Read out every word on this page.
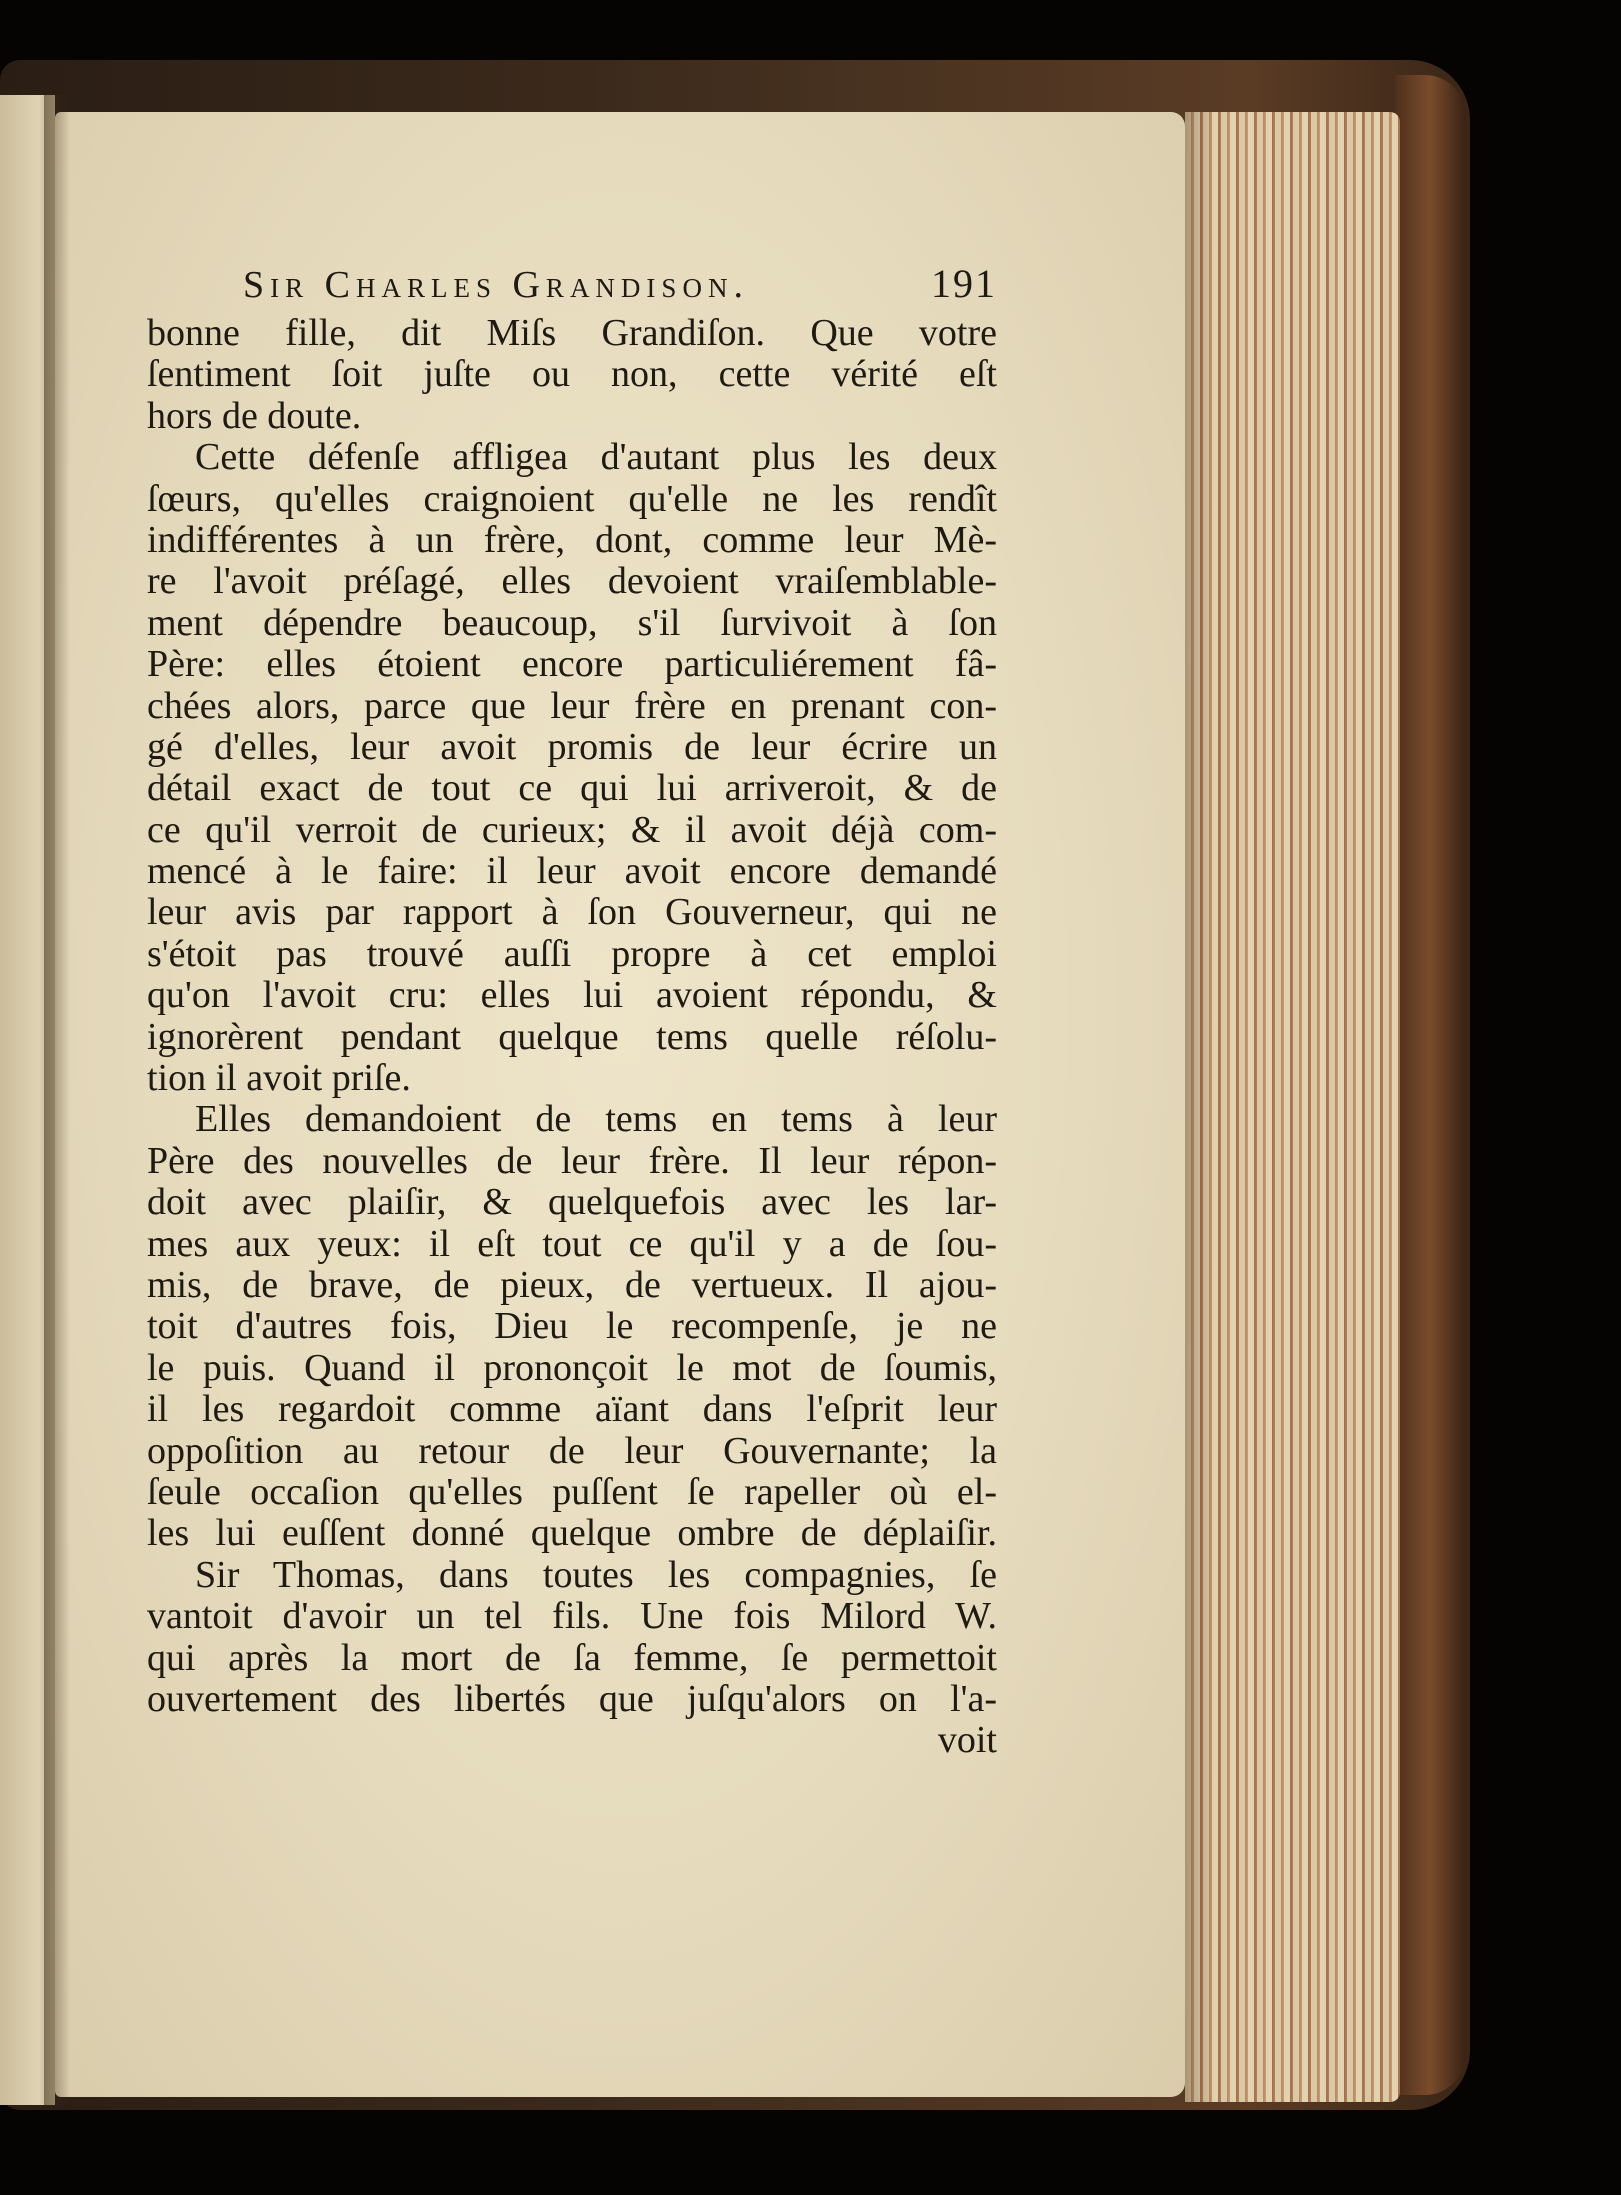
Sir Charles Grandison.	191
bonne fille, dit Miſs Grandiſon. Que votre
ſentiment ſoit juſte ou non, cette vérité eſt
hors de doute.
Cette défenſe affligea d'autant plus les deux
ſœurs, qu'elles craignoient qu'elle ne les rendît
indifférentes à un frère, dont, comme leur Mè-
re l'avoit préſagé, elles devoient vraiſemblable-
ment dépendre beaucoup, s'il ſurvivoit à ſon
Père: elles étoient encore particuliérement fâ-
chées alors, parce que leur frère en prenant con-
gé d'elles, leur avoit promis de leur écrire un
détail exact de tout ce qui lui arriveroit, & de
ce qu'il verroit de curieux; & il avoit déjà com-
mencé à le faire: il leur avoit encore demandé
leur avis par rapport à ſon Gouverneur, qui ne
s'étoit pas trouvé auſſi propre à cet emploi
qu'on l'avoit cru: elles lui avoient répondu, &
ignorèrent pendant quelque tems quelle réſolu-
tion il avoit priſe.
Elles demandoient de tems en tems à leur
Père des nouvelles de leur frère. Il leur répon-
doit avec plaiſir, & quelquefois avec les lar-
mes aux yeux: il eſt tout ce qu'il y a de ſou-
mis, de brave, de pieux, de vertueux. Il ajou-
toit d'autres fois, Dieu le recompenſe, je ne
le puis. Quand il prononçoit le mot de ſoumis,
il les regardoit comme aïant dans l'eſprit leur
oppoſition au retour de leur Gouvernante; la
ſeule occaſion qu'elles puſſent ſe rapeller où el-
les lui euſſent donné quelque ombre de déplaiſir.
Sir Thomas, dans toutes les compagnies, ſe
vantoit d'avoir un tel fils. Une fois Milord W.
qui après la mort de ſa femme, ſe permettoit
ouvertement des libertés que juſqu'alors on l'a-
voit
